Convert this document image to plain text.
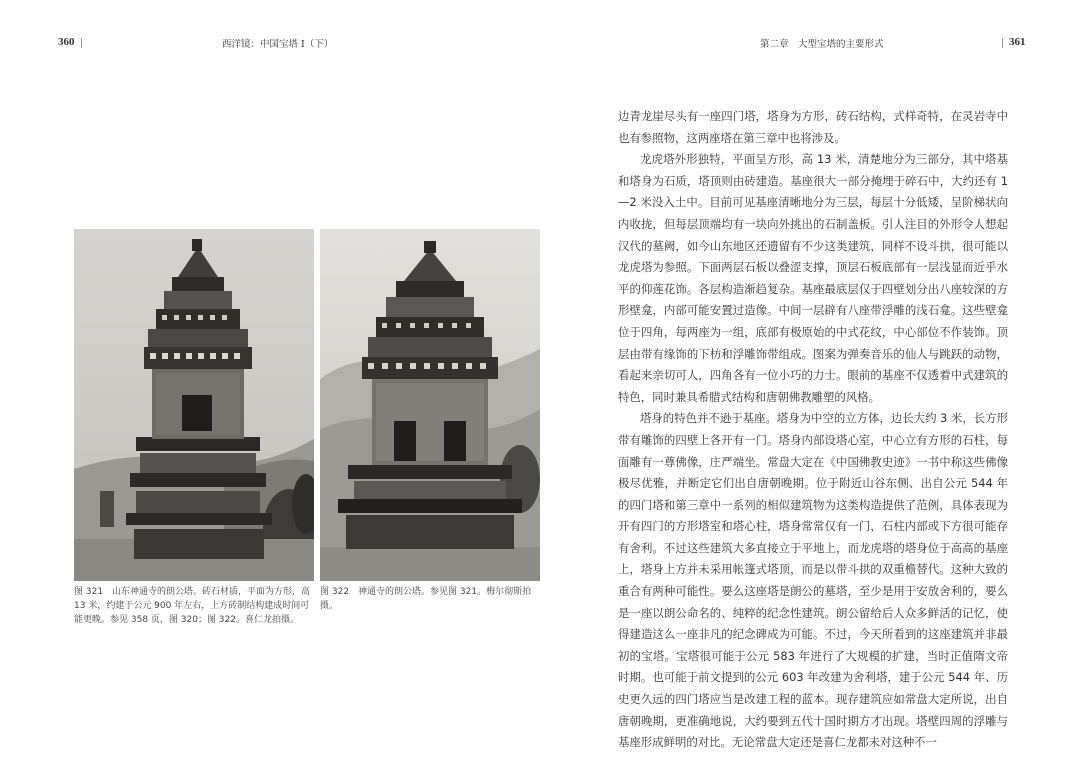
360	西洋镜：中国宝塔 I（下）	第二章　大型宝塔的主要形式	361
图 321　山东神通寺的朗公塔。砖石材质，平面为方形，高 13 米，约建于公元 900 年左右，上方砖制结构建成时间可能更晚。参见 358 页，图 320；图 322。喜仁龙拍摄。
图 322　神通寺的朗公塔。参见图 321。梅尔彻斯拍摄。

边青龙崖尽头有一座四门塔，塔身为方形，砖石结构，式样奇特，在灵岩寺中也有参照物，这两座塔在第三章中也将涉及。

龙虎塔外形独特，平面呈方形，高 13 米，清楚地分为三部分，其中塔基和塔身为石质，塔顶则由砖建造。基座很大一部分掩埋于碎石中，大约还有 1—2 米没入土中。目前可见基座清晰地分为三层，每层十分低矮，呈阶梯状向内收拢，但每层顶端均有一块向外挑出的石制盖板。引人注目的外形令人想起汉代的墓阙，如今山东地区还遗留有不少这类建筑，同样不设斗拱，很可能以龙虎塔为参照。下面两层石板以叠涩支撑，顶层石板底部有一层浅显而近乎水平的仰莲花饰。各层构造渐趋复杂。基座最底层仅于四壁划分出八座较深的方形壁龛，内部可能安置过造像。中间一层辟有八座带浮雕的浅石龛。这些壁龛位于四角，每两座为一组，底部有极原始的中式花纹，中心部位不作装饰。顶层由带有缘饰的下枋和浮雕饰带组成。图案为弹奏音乐的仙人与跳跃的动物，看起来亲切可人，四角各有一位小巧的力士。眼前的基座不仅透着中式建筑的特色，同时兼具希腊式结构和唐朝佛教雕塑的风格。

塔身的特色并不逊于基座。塔身为中空的立方体，边长大约 3 米，长方形带有雕饰的四壁上各开有一门。塔身内部设塔心室，中心立有方形的石柱，每面雕有一尊佛像，庄严端坐。常盘大定在《中国佛教史迹》一书中称这些佛像极尽优雅，并断定它们出自唐朝晚期。位于附近山谷东侧、出自公元 544 年的四门塔和第三章中一系列的相似建筑物为这类构造提供了范例，具体表现为开有四门的方形塔室和塔心柱，塔身常常仅有一门，石柱内部或下方很可能存有舍利。不过这些建筑大多直接立于平地上，而龙虎塔的塔身位于高高的基座上，塔身上方并未采用帐篷式塔顶，而是以带斗拱的双重檐替代。这种大致的重合有两种可能性。要么这座塔是朗公的墓塔，至少是用于安放舍利的，要么是一座以朗公命名的、纯粹的纪念性建筑。朗公留给后人众多鲜活的记忆，使得建造这么一座非凡的纪念碑成为可能。不过，今天所看到的这座建筑并非最初的宝塔。宝塔很可能于公元 583 年进行了大规模的扩建，当时正值隋文帝时期。也可能于前文提到的公元 603 年改建为舍利塔，建于公元 544 年、历史更久远的四门塔应当是改建工程的蓝本。现存建筑应如常盘大定所说，出自唐朝晚期，更准确地说，大约要到五代十国时期方才出现。塔壁四周的浮雕与基座形成鲜明的对比。无论常盘大定还是喜仁龙都未对这种不一
